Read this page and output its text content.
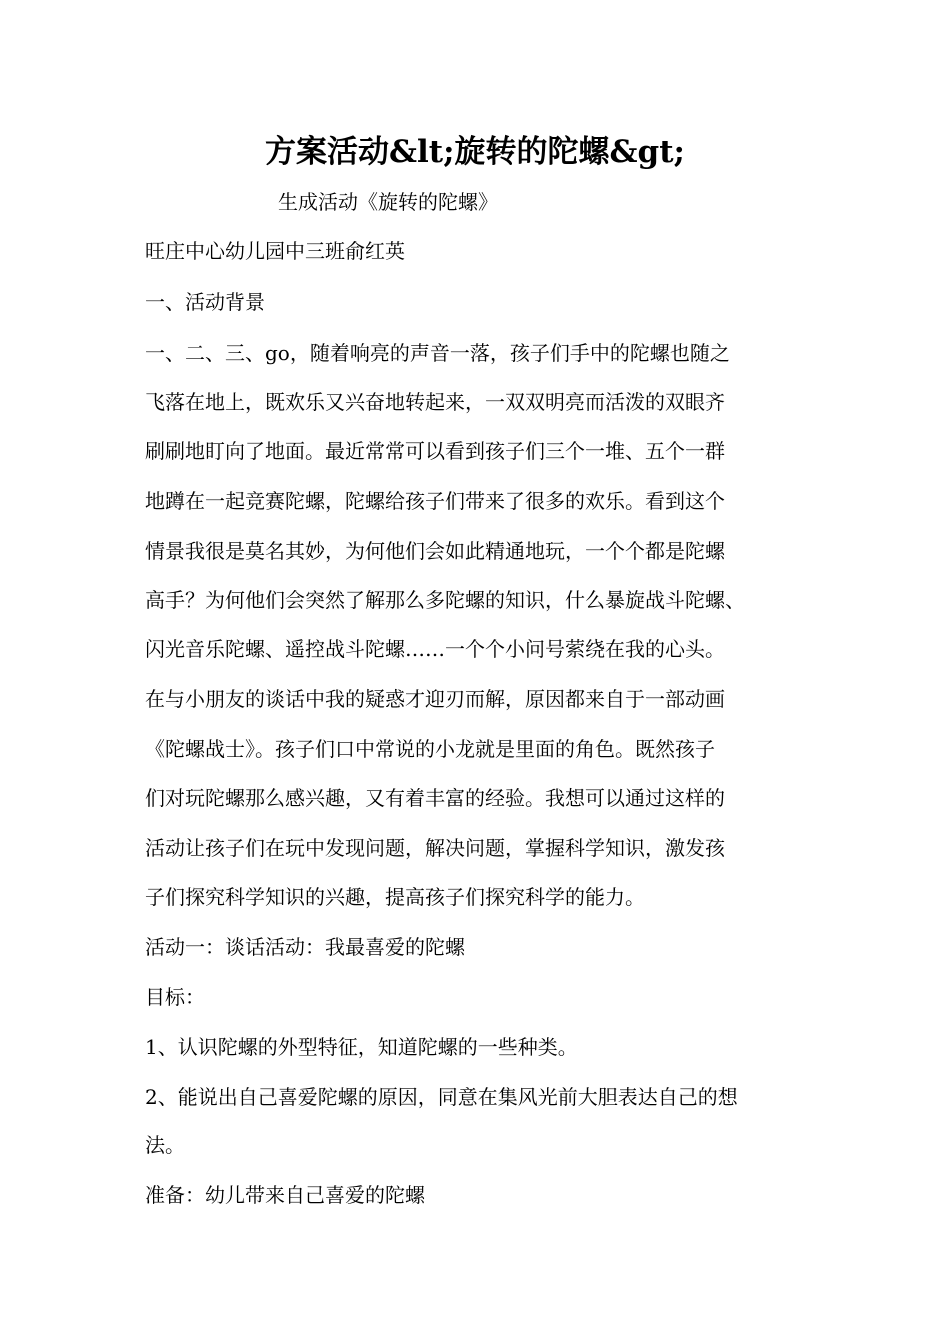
方案活动&lt;旋转的陀螺&gt;
生成活动《旋转的陀螺》
旺庄中心幼儿园中三班俞红英
一、活动背景
一、二、三、go，随着响亮的声音一落，孩子们手中的陀螺也随之
飞落在地上，既欢乐又兴奋地转起来，一双双明亮而活泼的双眼齐
刷刷地盯向了地面。最近常常可以看到孩子们三个一堆、五个一群
地蹲在一起竞赛陀螺，陀螺给孩子们带来了很多的欢乐。看到这个
情景我很是莫名其妙，为何他们会如此精通地玩，一个个都是陀螺
高手？为何他们会突然了解那么多陀螺的知识，什么暴旋战斗陀螺、
闪光音乐陀螺、遥控战斗陀螺……一个个小问号萦绕在我的心头。
在与小朋友的谈话中我的疑惑才迎刃而解，原因都来自于一部动画
《陀螺战士》。孩子们口中常说的小龙就是里面的角色。既然孩子
们对玩陀螺那么感兴趣，又有着丰富的经验。我想可以通过这样的
活动让孩子们在玩中发现问题，解决问题，掌握科学知识，激发孩
子们探究科学知识的兴趣，提高孩子们探究科学的能力。
活动一：谈话活动：我最喜爱的陀螺
目标：
1、认识陀螺的外型特征，知道陀螺的一些种类。
2、能说出自己喜爱陀螺的原因，同意在集风光前大胆表达自己的想
法。
准备：幼儿带来自己喜爱的陀螺
